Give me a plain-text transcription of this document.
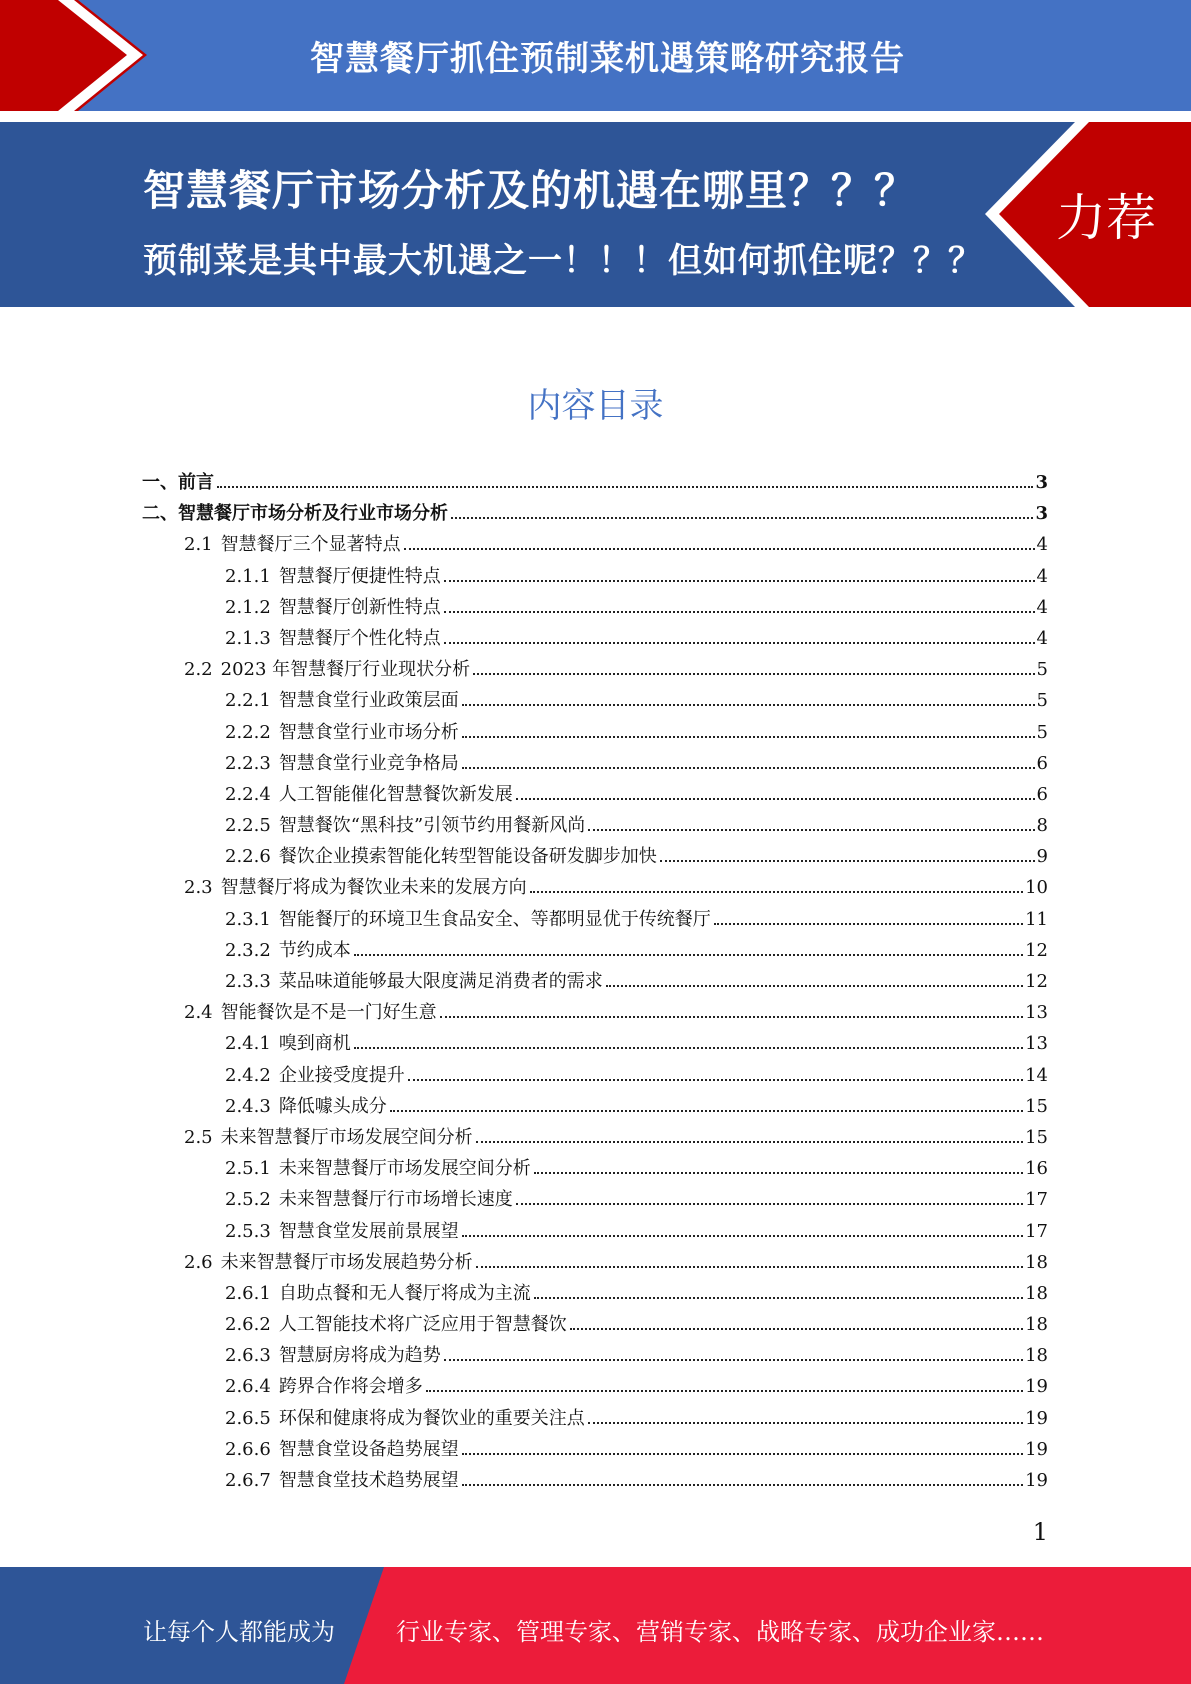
智慧餐厅抓住预制菜机遇策略研究报告
智慧餐厅市场分析及的机遇在哪里？？？
预制菜是其中最大机遇之一！！！但如何抓住呢？？？
力荐
内容目录
一、前言	3
二、智慧餐厅市场分析及行业市场分析	3
2.1 智慧餐厅三个显著特点	4
2.1.1 智慧餐厅便捷性特点	4
2.1.2 智慧餐厅创新性特点	4
2.1.3 智慧餐厅个性化特点	4
2.2 2023 年智慧餐厅行业现状分析	5
2.2.1 智慧食堂行业政策层面	5
2.2.2 智慧食堂行业市场分析	5
2.2.3 智慧食堂行业竞争格局	6
2.2.4 人工智能催化智慧餐饮新发展	6
2.2.5 智慧餐饮“黑科技”引领节约用餐新风尚	8
2.2.6 餐饮企业摸索智能化转型智能设备研发脚步加快	9
2.3 智慧餐厅将成为餐饮业未来的发展方向	10
2.3.1 智能餐厅的环境卫生食品安全、等都明显优于传统餐厅	11
2.3.2 节约成本	12
2.3.3 菜品味道能够最大限度满足消费者的需求	12
2.4 智能餐饮是不是一门好生意	13
2.4.1 嗅到商机	13
2.4.2 企业接受度提升	14
2.4.3 降低噱头成分	15
2.5 未来智慧餐厅市场发展空间分析	15
2.5.1 未来智慧餐厅市场发展空间分析	16
2.5.2 未来智慧餐厅行市场增长速度	17
2.5.3 智慧食堂发展前景展望	17
2.6 未来智慧餐厅市场发展趋势分析	18
2.6.1 自助点餐和无人餐厅将成为主流	18
2.6.2 人工智能技术将广泛应用于智慧餐饮	18
2.6.3 智慧厨房将成为趋势	18
2.6.4 跨界合作将会增多	19
2.6.5 环保和健康将成为餐饮业的重要关注点	19
2.6.6 智慧食堂设备趋势展望	19
2.6.7 智慧食堂技术趋势展望	19
1
让每个人都能成为	行业专家、管理专家、营销专家、战略专家、成功企业家……
